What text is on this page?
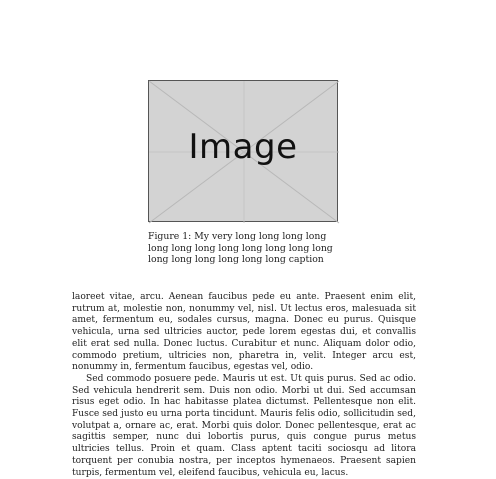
Image
Figure 1: My very long long long long long long long long long long long long long long long long long long caption

laoreet vitae, arcu. Aenean faucibus pede eu ante. Praesent enim elit, rutrum at, molestie non, nonummy vel, nisl. Ut lectus eros, malesuada sit amet, fermentum eu, sodales cursus, magna. Donec eu purus. Quisque vehicula, urna sed ultricies auctor, pede lorem egestas dui, et convallis elit erat sed nulla. Donec luctus. Curabitur et nunc. Aliquam dolor odio, commodo pretium, ultricies non, pharetra in, velit. Integer arcu est, nonummy in, fermentum faucibus, egestas vel, odio.

Sed commodo posuere pede. Mauris ut est. Ut quis purus. Sed ac odio. Sed vehicula hendrerit sem. Duis non odio. Morbi ut dui. Sed accumsan risus eget odio. In hac habitasse platea dictumst. Pellentesque non elit. Fusce sed justo eu urna porta tincidunt. Mauris felis odio, sollicitudin sed, volutpat a, ornare ac, erat. Morbi quis dolor. Donec pellentesque, erat ac sagittis semper, nunc dui lobortis purus, quis congue purus metus ultricies tellus. Proin et quam. Class aptent taciti sociosqu ad litora torquent per conubia nostra, per inceptos hymenaeos. Praesent sapien turpis, fermentum vel, eleifend faucibus, vehicula eu, lacus.
